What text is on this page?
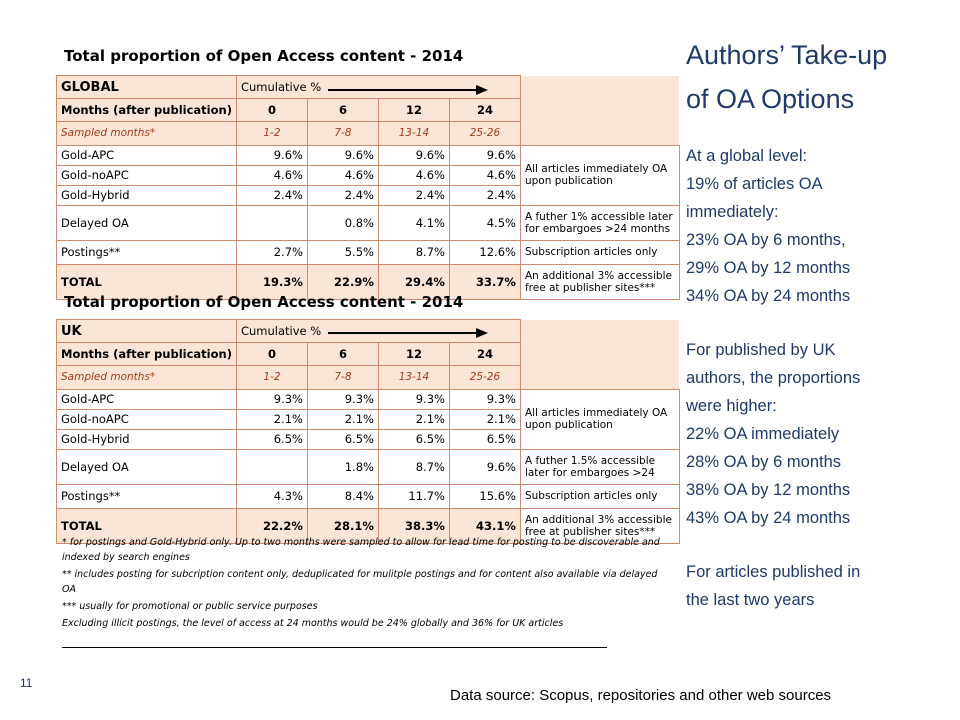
Total proportion of Open Access content - 2014
GLOBAL	Cumulative %				
Months (after publication)	0	6	12	24	
Sampled months*	1-2	7-8	13-14	25-26	
Gold-APC	9.6%	9.6%	9.6%	9.6%	All articles immediately OA upon publication
Gold-noAPC	4.6%	4.6%	4.6%	4.6%	
Gold-Hybrid	2.4%	2.4%	2.4%	2.4%	
Delayed OA		0.8%	4.1%	4.5%	A futher 1% accessible later for embargoes >24 months
Postings**	2.7%	5.5%	8.7%	12.6%	Subscription articles only
TOTAL	19.3%	22.9%	29.4%	33.7%	An additional 3% accessible free at publisher sites***
Total proportion of Open Access content - 2014
UK	Cumulative %				
Months (after publication)	0	6	12	24	
Sampled months*	1-2	7-8	13-14	25-26	
Gold-APC	9.3%	9.3%	9.3%	9.3%	All articles immediately OA upon publication
Gold-noAPC	2.1%	2.1%	2.1%	2.1%	
Gold-Hybrid	6.5%	6.5%	6.5%	6.5%	
Delayed OA		1.8%	8.7%	9.6%	A futher 1.5% accessible later for embargoes >24
Postings**	4.3%	8.4%	11.7%	15.6%	Subscription articles only
TOTAL	22.2%	28.1%	38.3%	43.1%	An additional 3% accessible free at publisher sites***

* for postings and Gold-Hybrid only. Up to two months were sampled to allow for lead time for posting to be discoverable and indexed by search engines

** includes posting for subcription content only, deduplicated for mulitple postings and for content also available via delayed OA

*** usually for promotional or public service purposes

Excluding illicit postings, the level of access at 24 months would be 24% globally and 36% for UK articles

Authors’ Take-up
of OA Options
At a global level:
19% of articles OA
immediately:
23% OA by 6 months,
29% OA by 12 months
34% OA by 24 months
For published by UK
authors, the proportions
were higher:
22% OA immediately
28% OA by 6 months
38% OA by 12 months
43% OA by 24 months
For articles published in
the last two years
11
Data source: Scopus, repositories and other web sources
